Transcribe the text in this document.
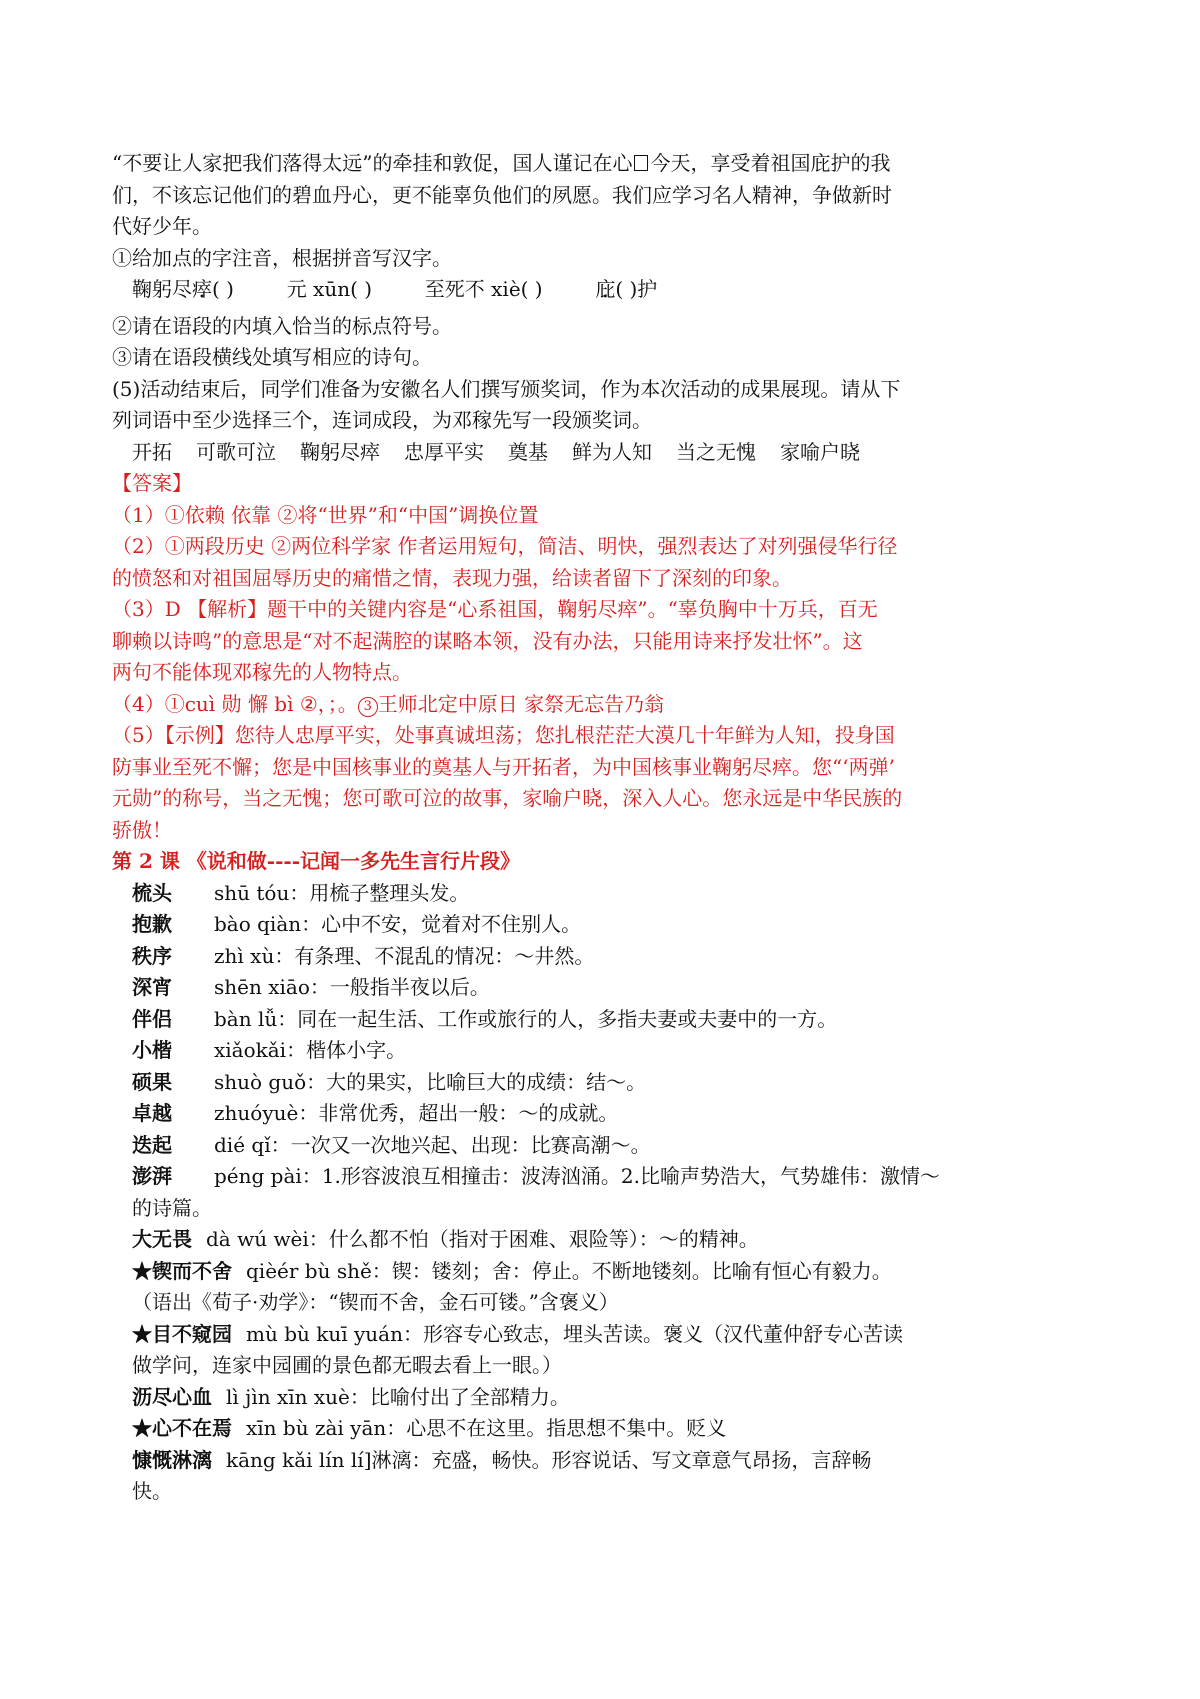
“不要让人家把我们落得太远”的牵挂和敦促，国人谨记在心 今天，享受着祖国庇护的我
们，不该忘记他们的碧血丹心，更不能辜负他们的夙愿。我们应学习名人精神，争做新时
代好少年。
①给加点的字注音，根据拼音写汉字。
鞠躬尽瘁( )	元 xūn( )	至死不 xiè( )	庇( )护
②请在语段的内填入恰当的标点符号。
③请在语段横线处填写相应的诗句。
(5)活动结束后，同学们准备为安徽名人们撰写颁奖词，作为本次活动的成果展现。请从下
列词语中至少选择三个，连词成段，为邓稼先写一段颁奖词。
开拓 可歌可泣 鞠躬尽瘁 忠厚平实 奠基 鲜为人知 当之无愧 家喻户晓
【答案】
（1）①依赖 依靠 ②将“世界”和“中国”调换位置
（2）①两段历史 ②两位科学家 作者运用短句，简洁、明快，强烈表达了对列强侵华行径
的愤怒和对祖国屈辱历史的痛惜之情，表现力强，给读者留下了深刻的印象。
（3）D 【解析】题干中的关键内容是“心系祖国，鞠躬尽瘁”。“辜负胸中十万兵，百无
聊赖以诗鸣”的意思是“对不起满腔的谋略本领，没有办法，只能用诗来抒发壮怀”。这
两句不能体现邓稼先的人物特点。
（4）①cuì 勋 懈 bì ②，；。 3 王师北定中原日 家祭无忘告乃翁
（5）【示例】您待人忠厚平实，处事真诚坦荡；您扎根茫茫大漠几十年鲜为人知，投身国
防事业至死不懈；您是中国核事业的奠基人与开拓者，为中国核事业鞠躬尽瘁。您“‘两弹’
元勋”的称号，当之无愧；您可歌可泣的故事，家喻户晓，深入人心。您永远是中华民族的
骄傲！
第 2 课 《说和做----记闻一多先生言行片段》
梳头 shū tóu：用梳子整理头发。
抱歉 bào qiàn：心中不安，觉着对不住别人。
秩序 zhì xù：有条理、不混乱的情况：～井然。
深宵 shēn xiāo：一般指半夜以后。
伴侣 bàn lǚ：同在一起生活、工作或旅行的人，多指夫妻或夫妻中的一方。
小楷 xiǎokǎi：楷体小字。
硕果 shuò guǒ：大的果实，比喻巨大的成绩：结～。
卓越 zhuóyuè：非常优秀，超出一般：～的成就。
迭起 dié qǐ：一次又一次地兴起、出现：比赛高潮～。
澎湃 péng pài：1.形容波浪互相撞击：波涛汹涌。2.比喻声势浩大，气势雄伟：激情～
的诗篇。
大无畏 dà wú wèi：什么都不怕（指对于困难、艰险等）：～的精神。
★锲而不舍 qièér bù shě：锲：镂刻；舍：停止。不断地镂刻。比喻有恒心有毅力。
（语出《荀子·劝学》：“锲而不舍，金石可镂。”含褒义）
★目不窥园 mù bù kuī yuán：形容专心致志，埋头苦读。褒义（汉代董仲舒专心苦读
做学问，连家中园圃的景色都无暇去看上一眼。）
沥尽心血 lì jìn xīn xuè：比喻付出了全部精力。
★心不在焉 xīn bù zài yān：心思不在这里。指思想不集中。贬义
慷慨淋漓 kāng kǎi lín lí]淋漓：充盛，畅快。形容说话、写文章意气昂扬，言辞畅
快。
